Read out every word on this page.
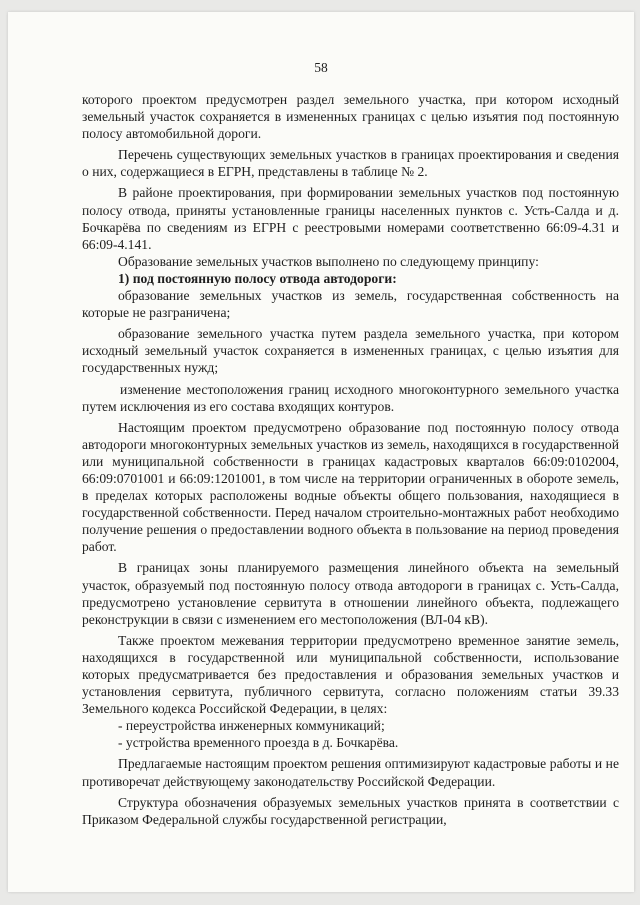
58

которого проектом предусмотрен раздел земельного участка, при котором исходный земельный участок сохраняется в измененных границах с целью изъятия под постоянную полосу автомобильной дороги.

Перечень существующих земельных участков в границах проектирования и сведения о них, содержащиеся в ЕГРН, представлены в таблице № 2.

В районе проектирования, при формировании земельных участков под постоянную полосу отвода, приняты установленные границы населенных пунктов с. Усть-Салда и д. Бочкарёва по сведениям из ЕГРН с реестровыми номерами соответственно 66:09-4.31 и 66:09-4.141.

Образование земельных участков выполнено по следующему принципу:

1) под постоянную полосу отвода автодороги:

образование земельных участков из земель, государственная собственность на которые не разграничена;

образование земельного участка путем раздела земельного участка, при котором исходный земельный участок сохраняется в измененных границах, с целью изъятия для государственных нужд;

изменение местоположения границ исходного многоконтурного земельного участка путем исключения из его состава входящих контуров.

Настоящим проектом предусмотрено образование под постоянную полосу отвода автодороги многоконтурных земельных участков из земель, находящихся в государственной или муниципальной собственности в границах кадастровых кварталов 66:09:0102004, 66:09:0701001 и 66:09:1201001, в том числе на территории ограниченных в обороте земель, в пределах которых расположены водные объекты общего пользования, находящиеся в государственной собственности. Перед началом строительно-монтажных работ необходимо получение решения о предоставлении водного объекта в пользование на период проведения работ.

В границах зоны планируемого размещения линейного объекта на земельный участок, образуемый под постоянную полосу отвода автодороги в границах с. Усть-Салда, предусмотрено установление сервитута в отношении линейного объекта, подлежащего реконструкции в связи с изменением его местоположения (ВЛ-04 кВ).

Также проектом межевания территории предусмотрено временное занятие земель, находящихся в государственной или муниципальной собственности, использование которых предусматривается без предоставления и образования земельных участков и установления сервитута, публичного сервитута, согласно положениям статьи 39.33 Земельного кодекса Российской Федерации, в целях:

- переустройства инженерных коммуникаций;

- устройства временного проезда в д. Бочкарёва.

Предлагаемые настоящим проектом решения оптимизируют кадастровые работы и не противоречат действующему законодательству Российской Федерации.

Структура обозначения образуемых земельных участков принята в соответствии с Приказом Федеральной службы государственной регистрации,
